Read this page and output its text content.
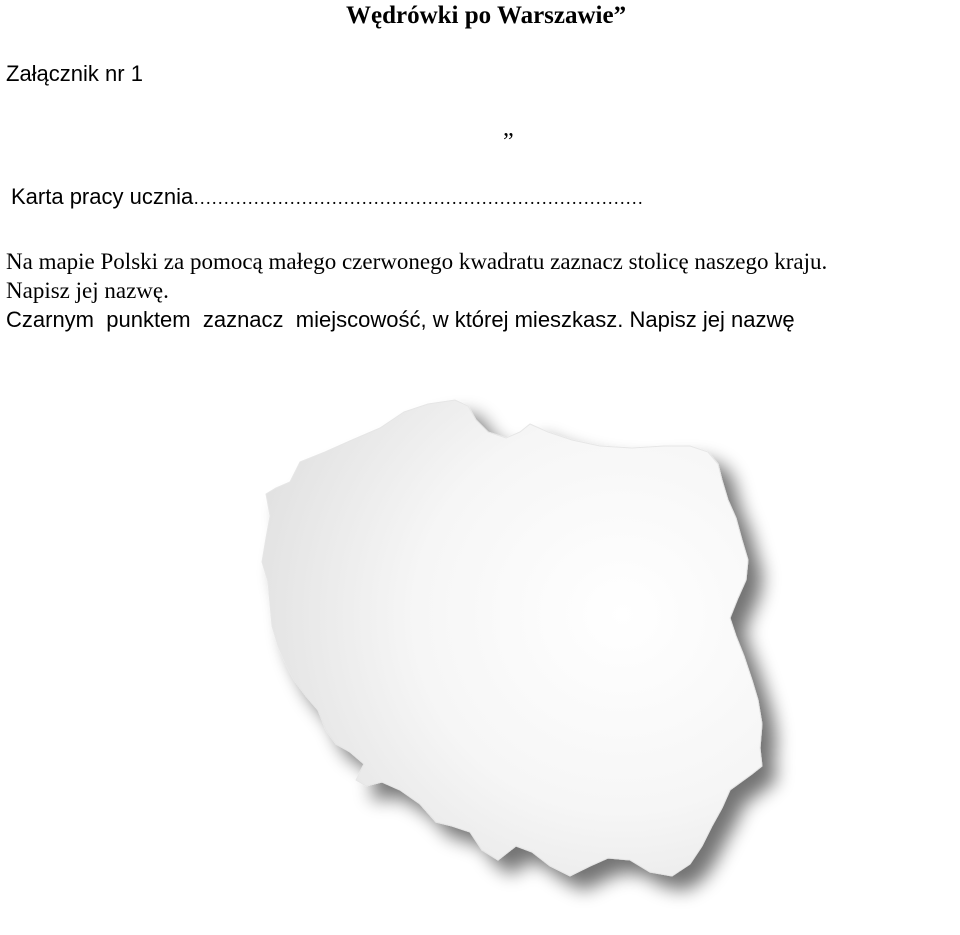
Wędrówki po Warszawie”
Załącznik nr 1
”
Karta pracy ucznia…………………………………………………………………
Na mapie Polski za pomocą małego czerwonego kwadratu zaznacz stolicę naszego kraju.
Napisz jej nazwę.
Czarnym  punktem  zaznacz  miejscowość, w której mieszkasz. Napisz jej nazwę
